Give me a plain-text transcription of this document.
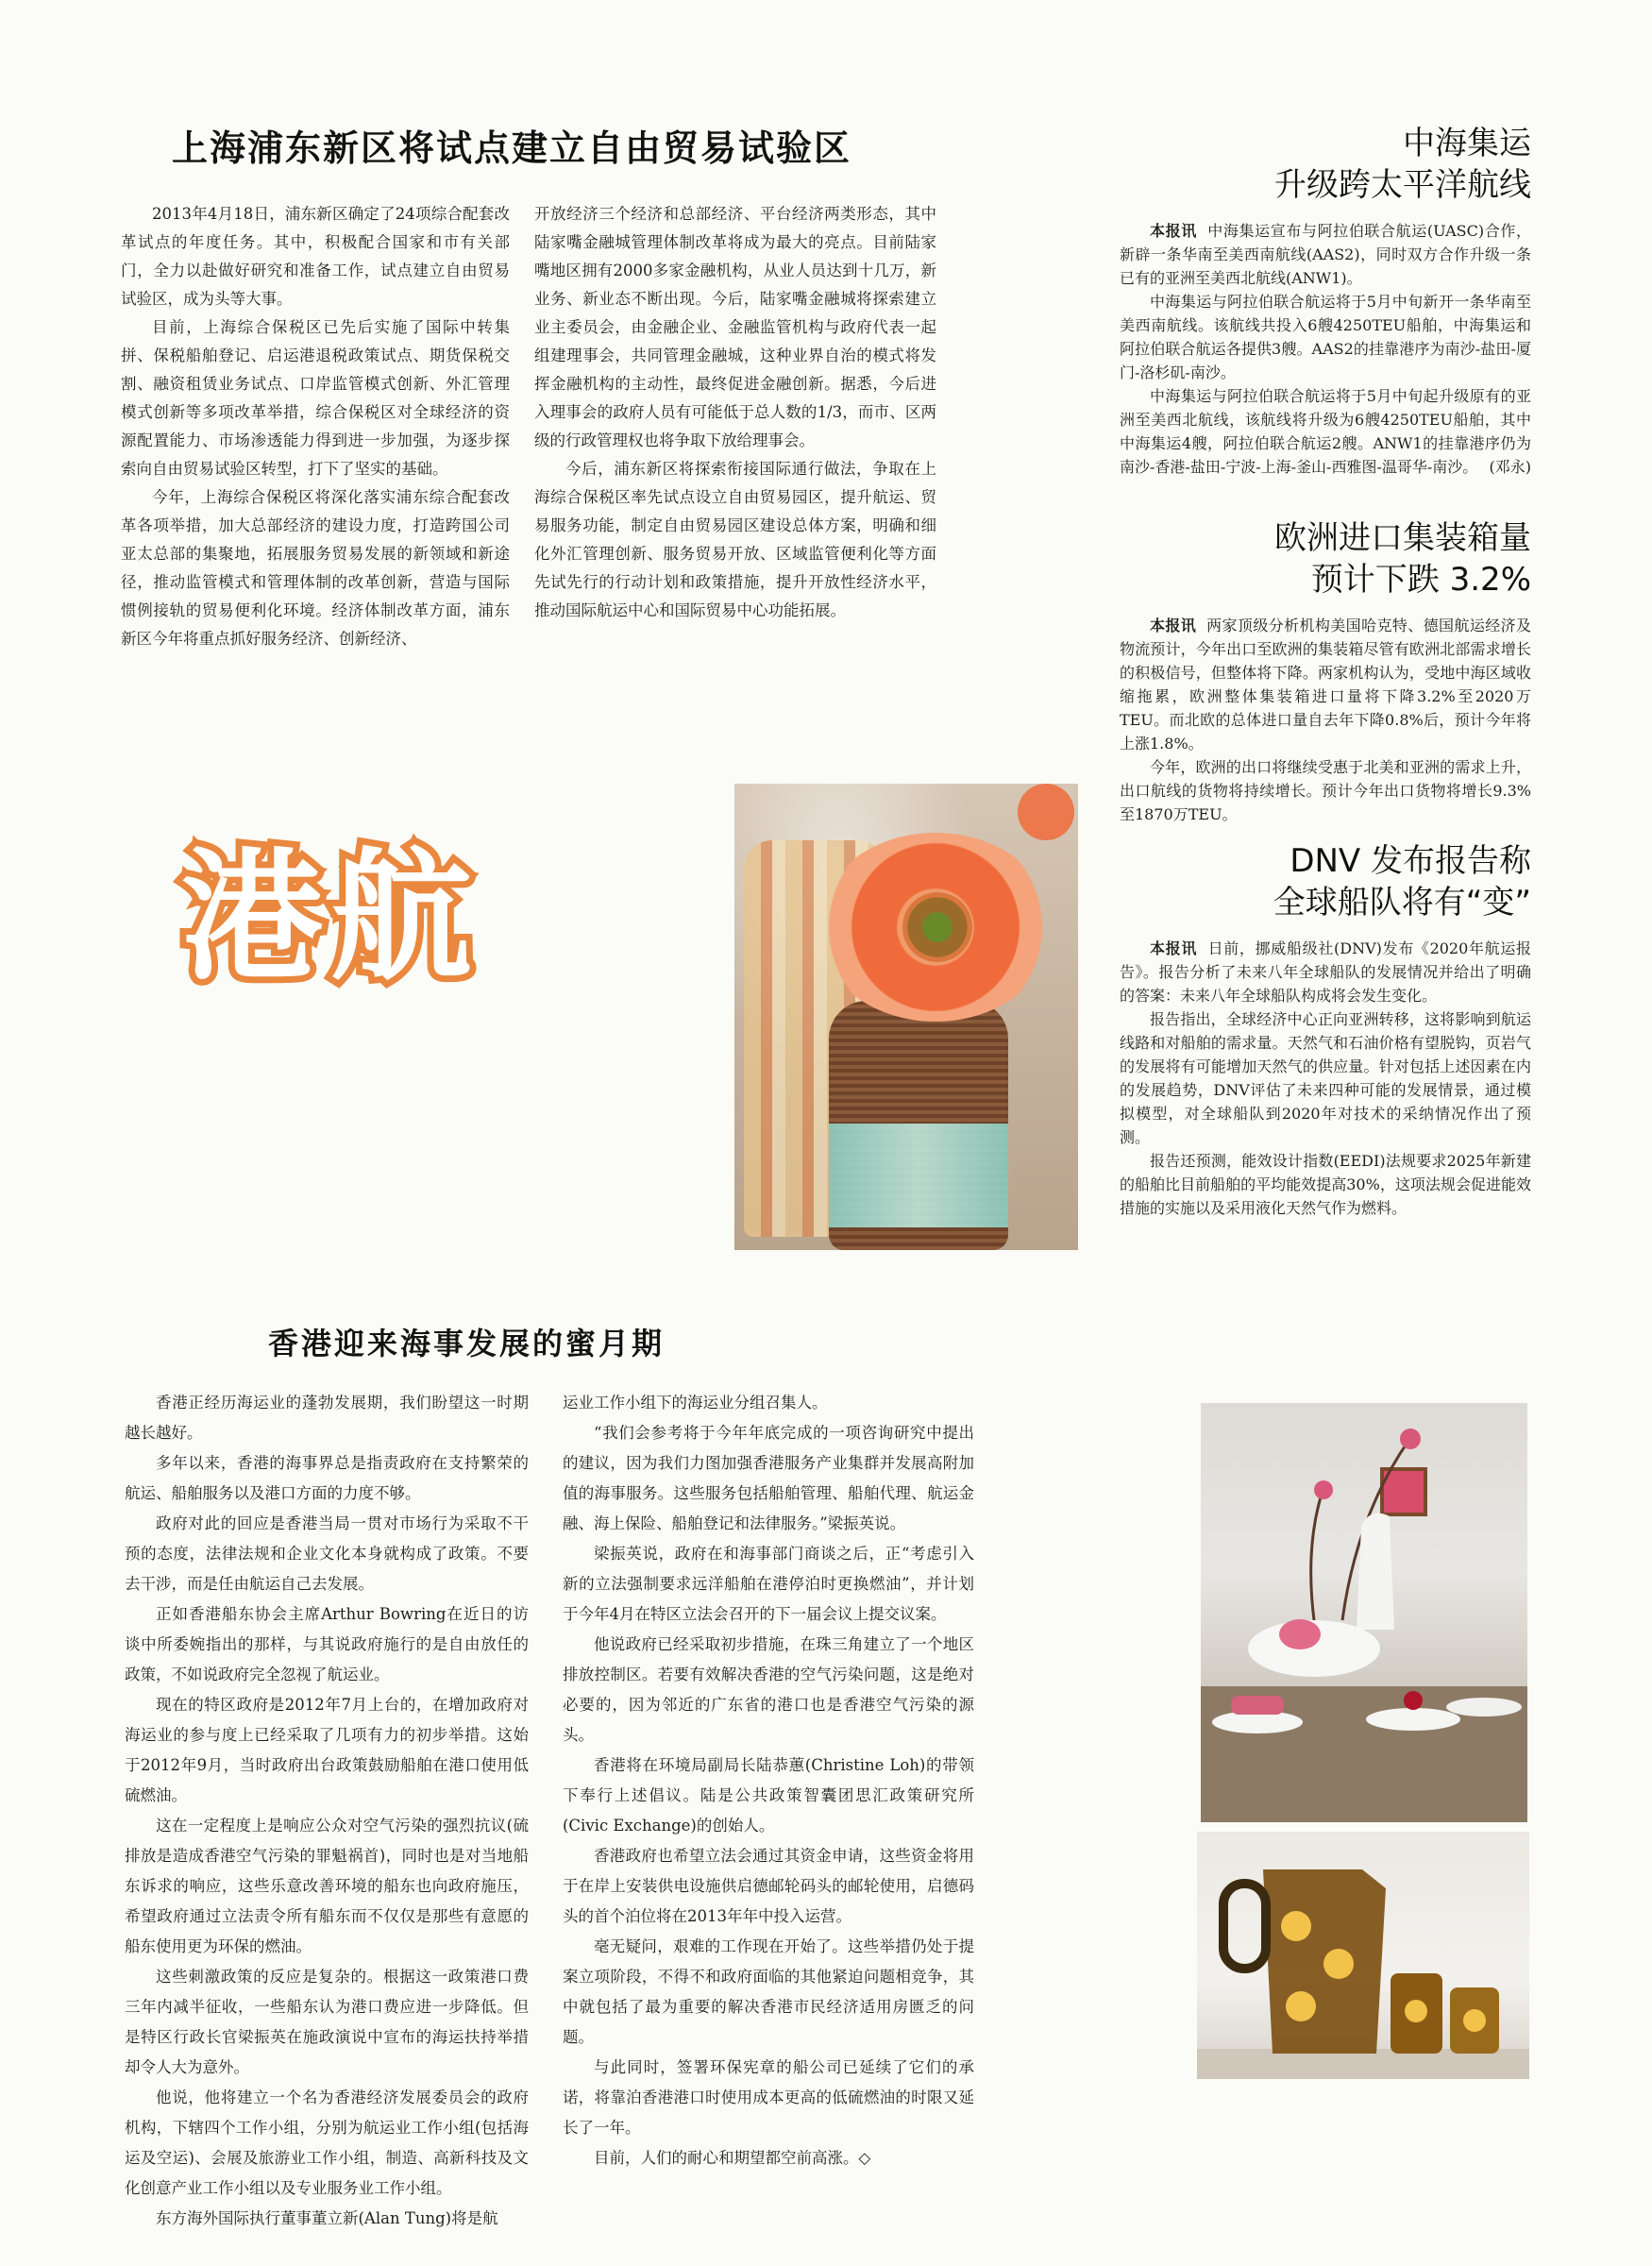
上海浦东新区将试点建立自由贸易试验区

2013年4月18日，浦东新区确定了24项综合配套改革试点的年度任务。其中，积极配合国家和市有关部门，全力以赴做好研究和准备工作，试点建立自由贸易试验区，成为头等大事。

目前，上海综合保税区已先后实施了国际中转集拼、保税船舶登记、启运港退税政策试点、期货保税交割、融资租赁业务试点、口岸监管模式创新、外汇管理模式创新等多项改革举措，综合保税区对全球经济的资源配置能力、市场渗透能力得到进一步加强，为逐步探索向自由贸易试验区转型，打下了坚实的基础。

今年，上海综合保税区将深化落实浦东综合配套改革各项举措，加大总部经济的建设力度，打造跨国公司亚太总部的集聚地，拓展服务贸易发展的新领域和新途径，推动监管模式和管理体制的改革创新，营造与国际惯例接轨的贸易便利化环境。经济体制改革方面，浦东新区今年将重点抓好服务经济、创新经济、

开放经济三个经济和总部经济、平台经济两类形态，其中陆家嘴金融城管理体制改革将成为最大的亮点。目前陆家嘴地区拥有2000多家金融机构，从业人员达到十几万，新业务、新业态不断出现。今后，陆家嘴金融城将探索建立业主委员会，由金融企业、金融监管机构与政府代表一起组建理事会，共同管理金融城，这种业界自治的模式将发挥金融机构的主动性，最终促进金融创新。据悉，今后进入理事会的政府人员有可能低于总人数的1/3，而市、区两级的行政管理权也将争取下放给理事会。

今后，浦东新区将探索衔接国际通行做法，争取在上海综合保税区率先试点设立自由贸易园区，提升航运、贸易服务功能，制定自由贸易园区建设总体方案，明确和细化外汇管理创新、服务贸易开放、区域监管便利化等方面先试先行的行动计划和政策措施，提升开放性经济水平，推动国际航运中心和国际贸易中心功能拓展。

中海集运
升级跨太平洋航线

本报讯 中海集运宣布与阿拉伯联合航运(UASC)合作，新辟一条华南至美西南航线(AAS2)，同时双方合作升级一条已有的亚洲至美西北航线(ANW1)。

中海集运与阿拉伯联合航运将于5月中旬新开一条华南至美西南航线。该航线共投入6艘4250TEU船舶，中海集运和阿拉伯联合航运各提供3艘。AAS2的挂靠港序为南沙-盐田-厦门-洛杉矶-南沙。

中海集运与阿拉伯联合航运将于5月中旬起升级原有的亚洲至美西北航线，该航线将升级为6艘4250TEU船舶，其中中海集运4艘，阿拉伯联合航运2艘。ANW1的挂靠港序仍为南沙-香港-盐田-宁波-上海-釜山-西雅图-温哥华-南沙。 (邓永)

欧洲进口集装箱量
预计下跌 3.2%

本报讯 两家顶级分析机构美国哈克特、德国航运经济及物流预计，今年出口至欧洲的集装箱尽管有欧洲北部需求增长的积极信号，但整体将下降。两家机构认为，受地中海区域收缩拖累，欧洲整体集装箱进口量将下降3.2%至2020万TEU。而北欧的总体进口量自去年下降0.8%后，预计今年将上涨1.8%。

今年，欧洲的出口将继续受惠于北美和亚洲的需求上升，出口航线的货物将持续增长。预计今年出口货物将增长9.3%至1870万TEU。

DNV 发布报告称
全球船队将有“变”

本报讯 日前，挪威船级社(DNV)发布《2020年航运报告》。报告分析了未来八年全球船队的发展情况并给出了明确的答案：未来八年全球船队构成将会发生变化。

报告指出，全球经济中心正向亚洲转移，这将影响到航运线路和对船舶的需求量。天然气和石油价格有望脱钩，页岩气的发展将有可能增加天然气的供应量。针对包括上述因素在内的发展趋势，DNV评估了未来四种可能的发展情景，通过模拟模型，对全球船队到2020年对技术的采纳情况作出了预测。

报告还预测，能效设计指数(EEDI)法规要求2025年新建的船舶比目前船舶的平均能效提高30%，这项法规会促进能效措施的实施以及采用液化天然气作为燃料。

港航
香港迎来海事发展的蜜月期

香港正经历海运业的蓬勃发展期，我们盼望这一时期越长越好。

多年以来，香港的海事界总是指责政府在支持繁荣的航运、船舶服务以及港口方面的力度不够。

政府对此的回应是香港当局一贯对市场行为采取不干预的态度，法律法规和企业文化本身就构成了政策。不要去干涉，而是任由航运自己去发展。

正如香港船东协会主席Arthur Bowring在近日的访谈中所委婉指出的那样，与其说政府施行的是自由放任的政策，不如说政府完全忽视了航运业。

现在的特区政府是2012年7月上台的，在增加政府对海运业的参与度上已经采取了几项有力的初步举措。这始于2012年9月，当时政府出台政策鼓励船舶在港口使用低硫燃油。

这在一定程度上是响应公众对空气污染的强烈抗议(硫排放是造成香港空气污染的罪魁祸首)，同时也是对当地船东诉求的响应，这些乐意改善环境的船东也向政府施压，希望政府通过立法责令所有船东而不仅仅是那些有意愿的船东使用更为环保的燃油。

这些刺激政策的反应是复杂的。根据这一政策港口费三年内减半征收，一些船东认为港口费应进一步降低。但是特区行政长官梁振英在施政演说中宣布的海运扶持举措却令人大为意外。

他说，他将建立一个名为香港经济发展委员会的政府机构，下辖四个工作小组，分别为航运业工作小组(包括海运及空运)、会展及旅游业工作小组，制造、高新科技及文化创意产业工作小组以及专业服务业工作小组。

东方海外国际执行董事董立新(Alan Tung)将是航

运业工作小组下的海运业分组召集人。

“我们会参考将于今年年底完成的一项咨询研究中提出的建议，因为我们力图加强香港服务产业集群并发展高附加值的海事服务。这些服务包括船舶管理、船舶代理、航运金融、海上保险、船舶登记和法律服务。”梁振英说。

梁振英说，政府在和海事部门商谈之后，正“考虑引入新的立法强制要求远洋船舶在港停泊时更换燃油”，并计划于今年4月在特区立法会召开的下一届会议上提交议案。

他说政府已经采取初步措施，在珠三角建立了一个地区排放控制区。若要有效解决香港的空气污染问题，这是绝对必要的，因为邻近的广东省的港口也是香港空气污染的源头。

香港将在环境局副局长陆恭蕙(Christine Loh)的带领下奉行上述倡议。陆是公共政策智囊团思汇政策研究所(Civic Exchange)的创始人。

香港政府也希望立法会通过其资金申请，这些资金将用于在岸上安装供电设施供启德邮轮码头的邮轮使用，启德码头的首个泊位将在2013年年中投入运营。

毫无疑问，艰难的工作现在开始了。这些举措仍处于提案立项阶段，不得不和政府面临的其他紧迫问题相竞争，其中就包括了最为重要的解决香港市民经济适用房匮乏的问题。

与此同时，签署环保宪章的船公司已延续了它们的承诺，将靠泊香港港口时使用成本更高的低硫燃油的时限又延长了一年。

目前，人们的耐心和期望都空前高涨。◇
